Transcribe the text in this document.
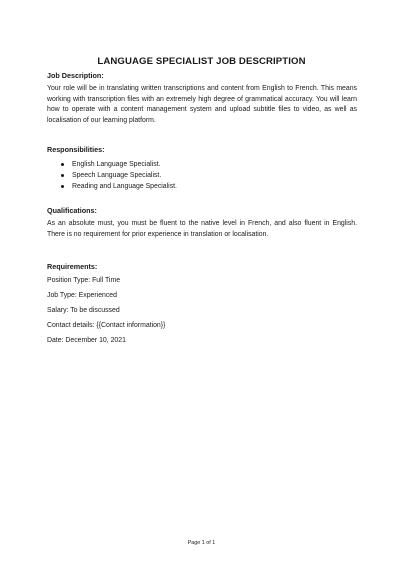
LANGUAGE SPECIALIST JOB DESCRIPTION
Job Description:
Your role will be in translating written transcriptions and content from English to French. This means working with transcription files with an extremely high degree of grammatical accuracy. You will learn how to operate with a content management system and upload subtitle files to video, as well as localisation of our learning platform.
Responsibilities:
English Language Specialist.
Speech Language Specialist.
Reading and Language Specialist.
Qualifications:
As an absolute must, you must be fluent to the native level in French, and also fluent in English. There is no requirement for prior experience in translation or localisation.
Requirements:
Position Type: Full Time
Job Type: Experienced
Salary: To be discussed
Contact details: {{Contact information}}
Date: December 10, 2021
Page 1 of 1
